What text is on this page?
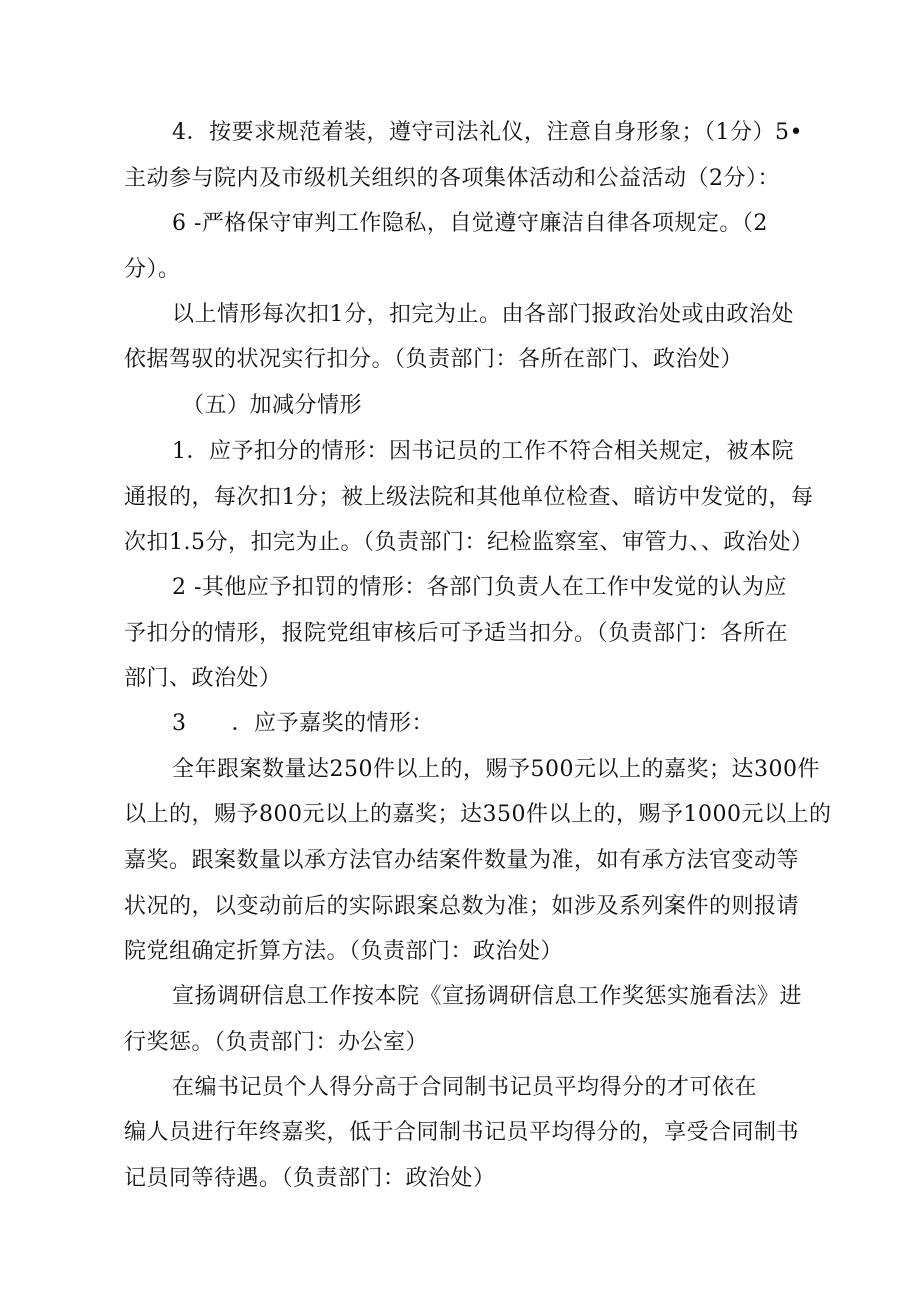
4．按要求规范着装，遵守司法礼仪，注意自身形象；（1分）5•
主动参与院内及市级机关组织的各项集体活动和公益活动（2分）：
6 -严格保守审判工作隐私，自觉遵守廉洁自律各项规定。（2
分）。
以上情形每次扣1分，扣完为止。由各部门报政治处或由政治处
依据驾驭的状况实行扣分。（负责部门：各所在部门、政治处）
（五）加减分情形
1．应予扣分的情形：因书记员的工作不符合相关规定，被本院
通报的，每次扣1分；被上级法院和其他单位检查、暗访中发觉的，每
次扣1.5分，扣完为止。（负责部门：纪检监察室、审管力、、政治处）
2 -其他应予扣罚的情形：各部门负责人在工作中发觉的认为应
予扣分的情形，报院党组审核后可予适当扣分。（负责部门：各所在
部门、政治处）
3　　．应予嘉奖的情形：
全年跟案数量达250件以上的，赐予500元以上的嘉奖；达300件
以上的，赐予800元以上的嘉奖；达350件以上的，赐予1000元以上的
嘉奖。跟案数量以承方法官办结案件数量为准，如有承方法官变动等
状况的，以变动前后的实际跟案总数为准；如涉及系列案件的则报请
院党组确定折算方法。（负责部门：政治处）
宣扬调研信息工作按本院《宣扬调研信息工作奖惩实施看法》进
行奖惩。（负责部门：办公室）
在编书记员个人得分高于合同制书记员平均得分的才可依在
编人员进行年终嘉奖，低于合同制书记员平均得分的，享受合同制书
记员同等待遇。（负责部门：政治处）
